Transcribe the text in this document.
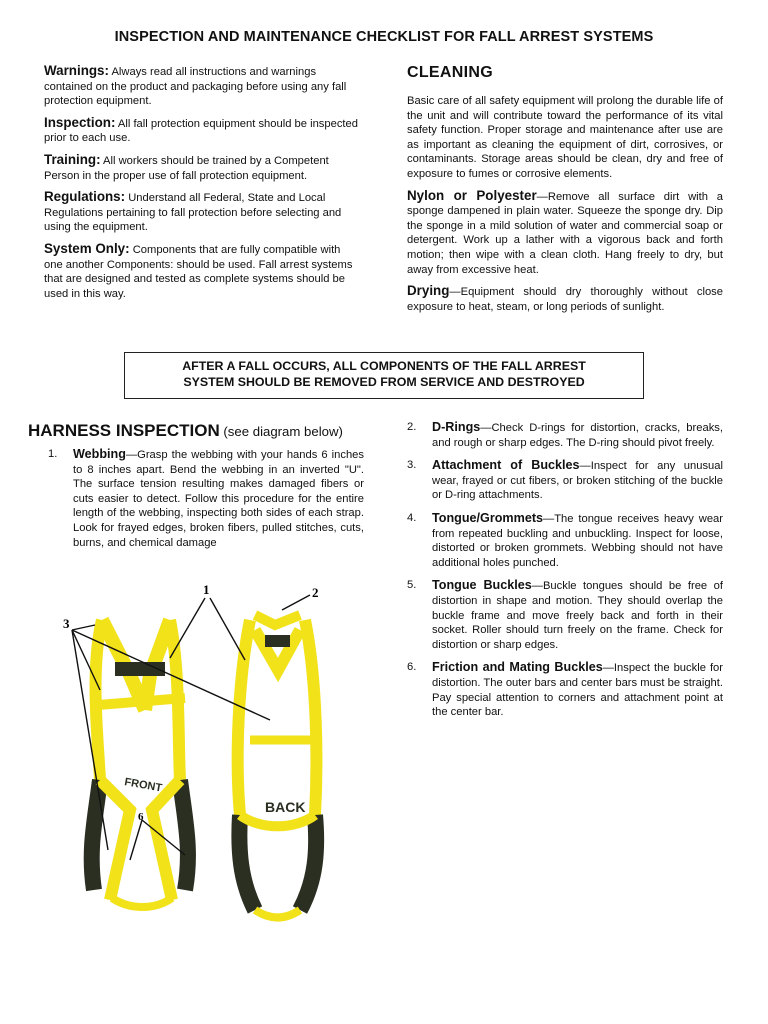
INSPECTION AND MAINTENANCE CHECKLIST FOR FALL ARREST SYSTEMS

Warnings: Always read all instructions and warnings contained on the product and packaging before using any fall protection equipment.

Inspection: All fall protection equipment should be inspected prior to each use.

Training: All workers should be trained by a Competent Person in the proper use of fall protection equipment.

Regulations: Understand all Federal, State and Local Regulations pertaining to fall protection before selecting and using the equipment.

System Only: Components that are fully compatible with one another Components: should be used. Fall arrest systems that are designed and tested as complete systems should be used in this way.

CLEANING

Basic care of all safety equipment will prolong the durable life of the unit and will contribute toward the performance of its vital safety function. Proper storage and maintenance after use are as important as cleaning the equipment of dirt, corrosives, or contaminants. Storage areas should be clean, dry and free of exposure to fumes or corrosive elements.

Nylon or Polyester—Remove all surface dirt with a sponge dampened in plain water. Squeeze the sponge dry. Dip the sponge in a mild solution of water and commercial soap or detergent. Work up a lather with a vigorous back and forth motion; then wipe with a clean cloth. Hang freely to dry, but away from excessive heat.

Drying—Equipment should dry thoroughly without close exposure to heat, steam, or long periods of sunlight.

AFTER A FALL OCCURS, ALL COMPONENTS OF THE FALL ARREST
SYSTEM SHOULD BE REMOVED FROM SERVICE AND DESTROYED
HARNESS INSPECTION (see diagram below)
1.	Webbing—Grasp the webbing with your hands 6 inches to 8 inches apart. Bend the webbing in an inverted "U". The surface tension resulting makes damaged fibers or cuts easier to detect. Follow this procedure for the entire length of the webbing, inspecting both sides of each strap. Look for frayed edges, broken fibers, pulled stitches, cuts, burns, and chemical damage
2.	D-Rings—Check D-rings for distortion, cracks, breaks, and rough or sharp edges. The D-ring should pivot freely.
3.	Attachment of Buckles—Inspect for any unusual wear, frayed or cut fibers, or broken stitching of the buckle or D-ring attachments.
4.	Tongue/Grommets—The tongue receives heavy wear from repeated buckling and unbuckling. Inspect for loose, distorted or broken grommets. Webbing should not have additional holes punched.
5.	Tongue Buckles—Buckle tongues should be free of distortion in shape and motion. They should overlap the buckle frame and move freely back and forth in their socket. Roller should turn freely on the frame. Check for distortion or sharp edges.
6.	Friction and Mating Buckles—Inspect the buckle for distortion. The outer bars and center bars must be straight. Pay special attention to corners and attachment point at the center bar.
FRONT
BACK
1	2
3
6
